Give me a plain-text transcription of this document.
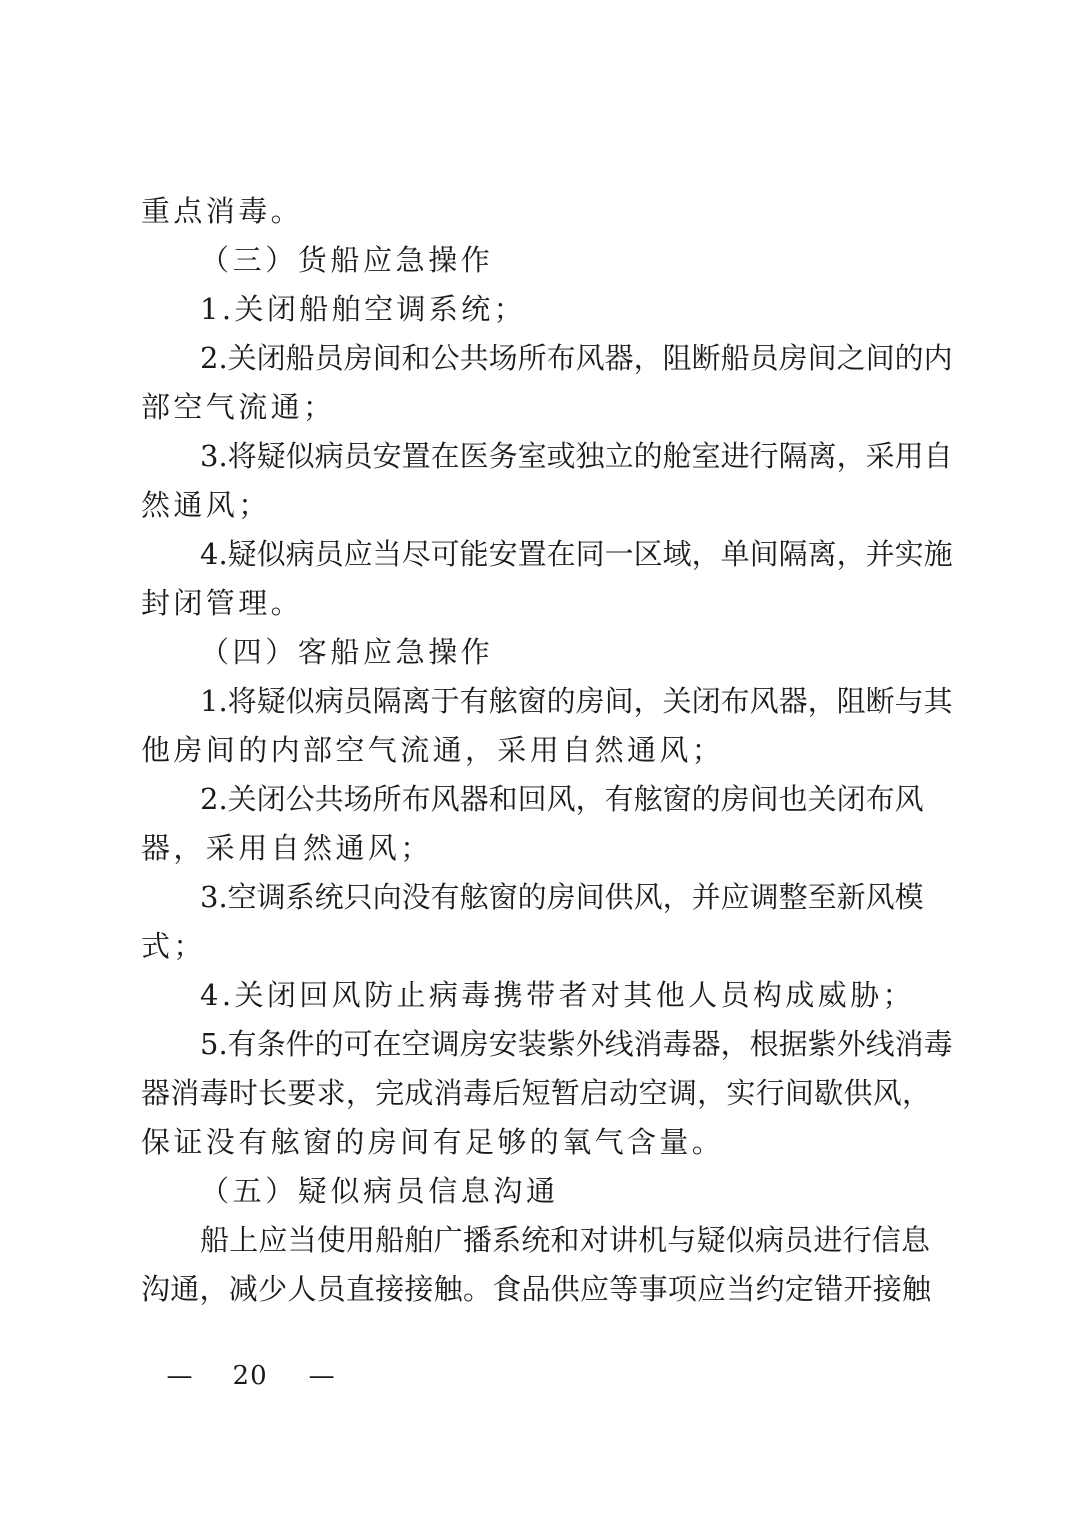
重点消毒。
（三）货船应急操作
1.关闭船舶空调系统；
2.关闭船员房间和公共场所布风器，阻断船员房间之间的内
部空气流通；
3.将疑似病员安置在医务室或独立的舱室进行隔离，采用自
然通风；
4.疑似病员应当尽可能安置在同一区域，单间隔离，并实施
封闭管理。
（四）客船应急操作
1.将疑似病员隔离于有舷窗的房间，关闭布风器，阻断与其
他房间的内部空气流通，采用自然通风；
2.关闭公共场所布风器和回风，有舷窗的房间也关闭布风
器，采用自然通风；
3.空调系统只向没有舷窗的房间供风，并应调整至新风模
式；
4.关闭回风防止病毒携带者对其他人员构成威胁；
5.有条件的可在空调房安装紫外线消毒器，根据紫外线消毒
器消毒时长要求，完成消毒后短暂启动空调，实行间歇供风，
保证没有舷窗的房间有足够的氧气含量。
（五）疑似病员信息沟通
船上应当使用船舶广播系统和对讲机与疑似病员进行信息
沟通，减少人员直接接触。食品供应等事项应当约定错开接触
— 20 —
